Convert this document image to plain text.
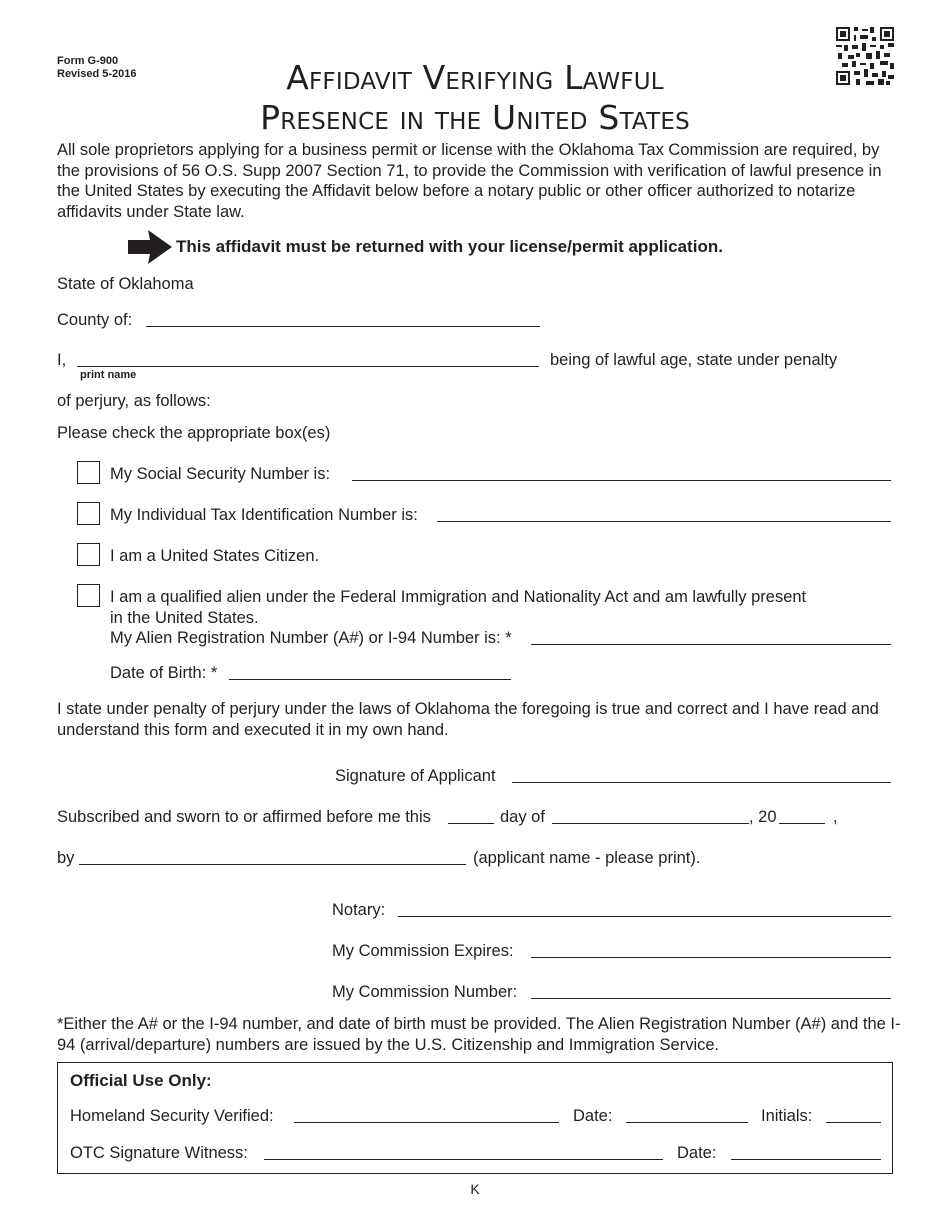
Form G-900
Revised 5-2016	Affidavit Verifying Lawful
Presence in the United States
All sole proprietors applying for a business permit or license with the Oklahoma Tax Commission are required, by the provisions of 56 O.S. Supp 2007 Section 71, to provide the Commission with verification of lawful presence in the United States by executing the Affidavit below before a notary public or other officer authorized to notarize affidavits under State law.
This affidavit must be returned with your license/permit application.
State of Oklahoma
County of:
I,
print name
being of lawful age, state under penalty
of perjury, as follows:
Please check the appropriate box(es)
My Social Security Number is:
My Individual Tax Identification Number is:
I am a United States Citizen.
I am a qualified alien under the Federal Immigration and Nationality Act and am lawfully present
in the United States.
My Alien Registration Number (A#) or I-94 Number is: *
Date of Birth: *
I state under penalty of perjury under the laws of Oklahoma the foregoing is true and correct and I have read and understand this form and executed it in my own hand.
Signature of Applicant
Subscribed and sworn to or affirmed before me this	day of	, 20	,
by	(applicant name - please print).
Notary:
My Commission Expires:
My Commission Number:
*Either the A# or the I-94 number, and date of birth must be provided. The Alien Registration Number (A#) and the I-94 (arrival/departure) numbers are issued by the U.S. Citizenship and Immigration Service.
Official Use Only:
Homeland Security Verified:	Date:	Initials:
OTC Signature Witness:	Date:
K
